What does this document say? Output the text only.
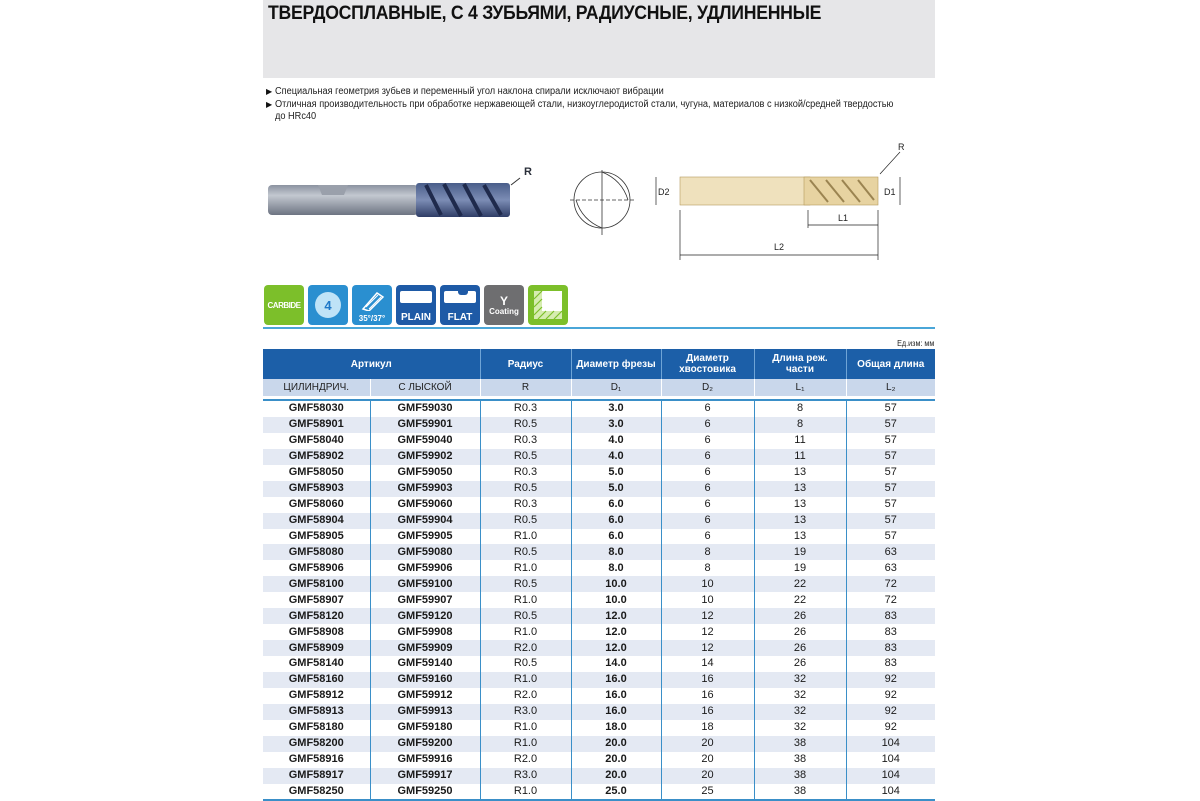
ТВЕРДОСПЛАВНЫЕ, С 4 ЗУБЬЯМИ, РАДИУСНЫЕ, УДЛИНЕННЫЕ
▶ Специальная геометрия зубьев и переменный угол наклона спирали исключают вибрации
▶ Отличная производительность при обработке нержавеющей стали, низкоуглеродистой стали, чугуна, материалов с низкой/средней твердостью до HRc40
R
D2	D1
L1
L2
R
CARBIDE 4
35°/37°	PLAIN	FLAT
Y
Coating
Ед.изм: мм
Артикул		Радиус	Диаметр фрезы	Диаметр хвостовика	Длина реж. части	Общая длина
ЦИЛИНДРИЧ.	С ЛЫСКОЙ	R	D₁	D₂	L₁	L₂

GMF58030	GMF59030	R0.3	3.0	6	8	57
GMF58901	GMF59901	R0.5	3.0	6	8	57
GMF58040	GMF59040	R0.3	4.0	6	11	57
GMF58902	GMF59902	R0.5	4.0	6	11	57
GMF58050	GMF59050	R0.3	5.0	6	13	57
GMF58903	GMF59903	R0.5	5.0	6	13	57
GMF58060	GMF59060	R0.3	6.0	6	13	57
GMF58904	GMF59904	R0.5	6.0	6	13	57
GMF58905	GMF59905	R1.0	6.0	6	13	57
GMF58080	GMF59080	R0.5	8.0	8	19	63
GMF58906	GMF59906	R1.0	8.0	8	19	63
GMF58100	GMF59100	R0.5	10.0	10	22	72
GMF58907	GMF59907	R1.0	10.0	10	22	72
GMF58120	GMF59120	R0.5	12.0	12	26	83
GMF58908	GMF59908	R1.0	12.0	12	26	83
GMF58909	GMF59909	R2.0	12.0	12	26	83
GMF58140	GMF59140	R0.5	14.0	14	26	83
GMF58160	GMF59160	R1.0	16.0	16	32	92
GMF58912	GMF59912	R2.0	16.0	16	32	92
GMF58913	GMF59913	R3.0	16.0	16	32	92
GMF58180	GMF59180	R1.0	18.0	18	32	92
GMF58200	GMF59200	R1.0	20.0	20	38	104
GMF58916	GMF59916	R2.0	20.0	20	38	104
GMF58917	GMF59917	R3.0	20.0	20	38	104
GMF58250	GMF59250	R1.0	25.0	25	38	104
